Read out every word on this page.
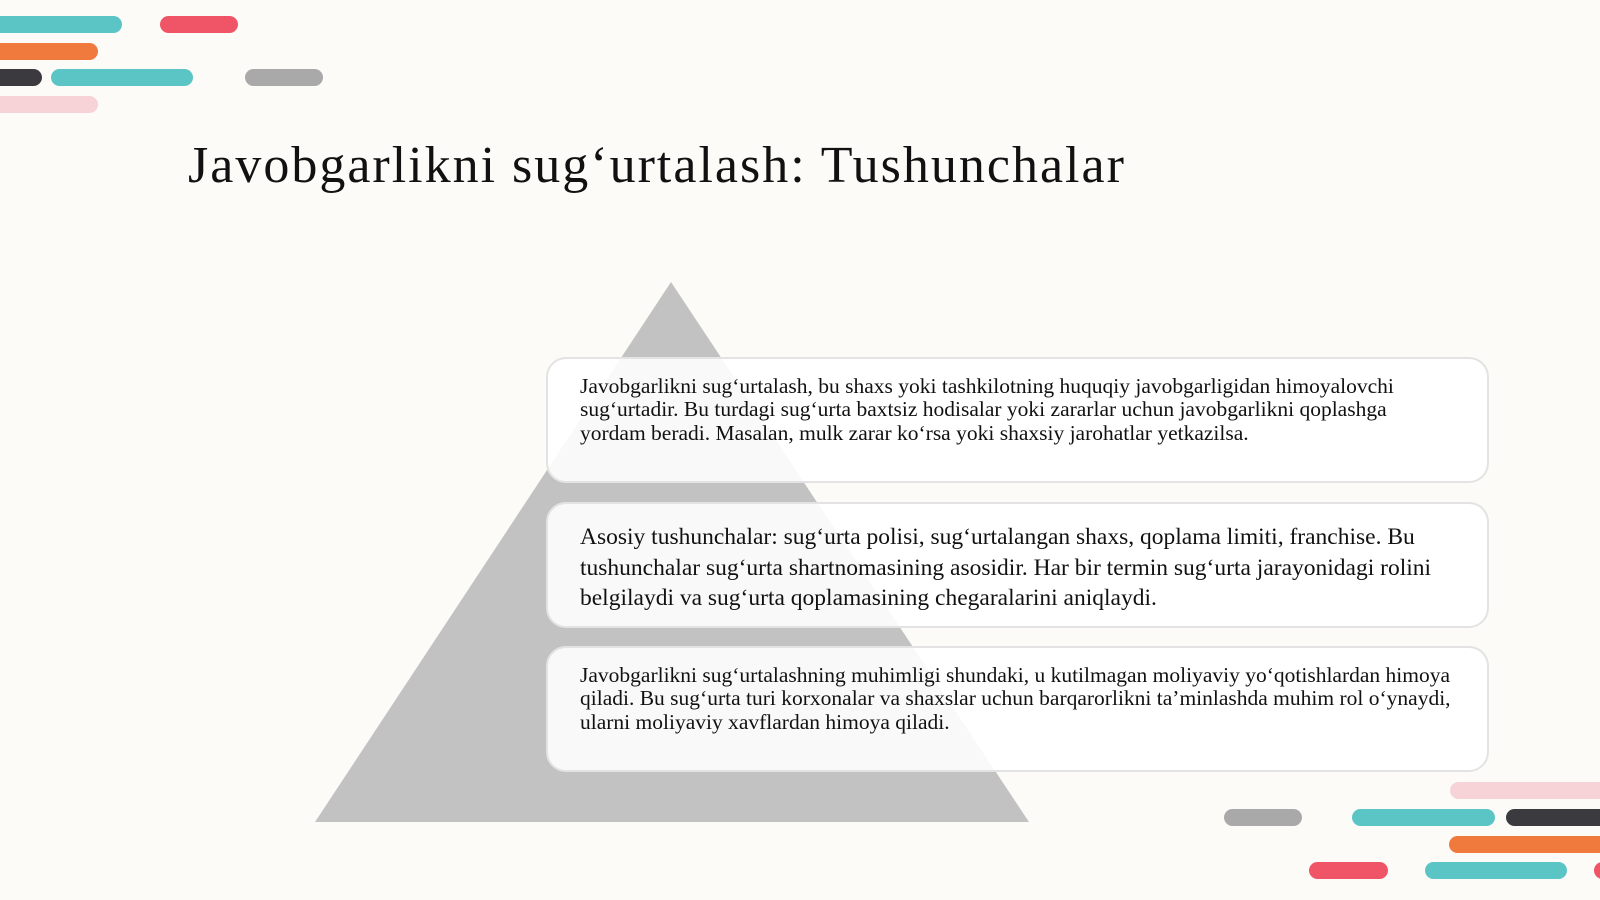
Javobgarlikni sug‘urtalash: Tushunchalar

Javobgarlikni sug‘urtalash, bu shaxs yoki tashkilotning huquqiy javobgarligidan himoyalovchi sug‘urtadir. Bu turdagi sug‘urta baxtsiz hodisalar yoki zararlar uchun javobgarlikni qoplashga yordam beradi. Masalan, mulk zarar ko‘rsa yoki shaxsiy jarohatlar yetkazilsa.

Asosiy tushunchalar: sug‘urta polisi, sug‘urtalangan shaxs, qoplama limiti, franchise. Bu tushunchalar sug‘urta shartnomasining asosidir. Har bir termin sug‘urta jarayonidagi rolini belgilaydi va sug‘urta qoplamasining chegaralarini aniqlaydi.

Javobgarlikni sug‘urtalashning muhimligi shundaki, u kutilmagan moliyaviy yo‘qotishlardan himoya qiladi. Bu sug‘urta turi korxonalar va shaxslar uchun barqarorlikni ta’minlashda muhim rol o‘ynaydi, ularni moliyaviy xavflardan himoya qiladi.
